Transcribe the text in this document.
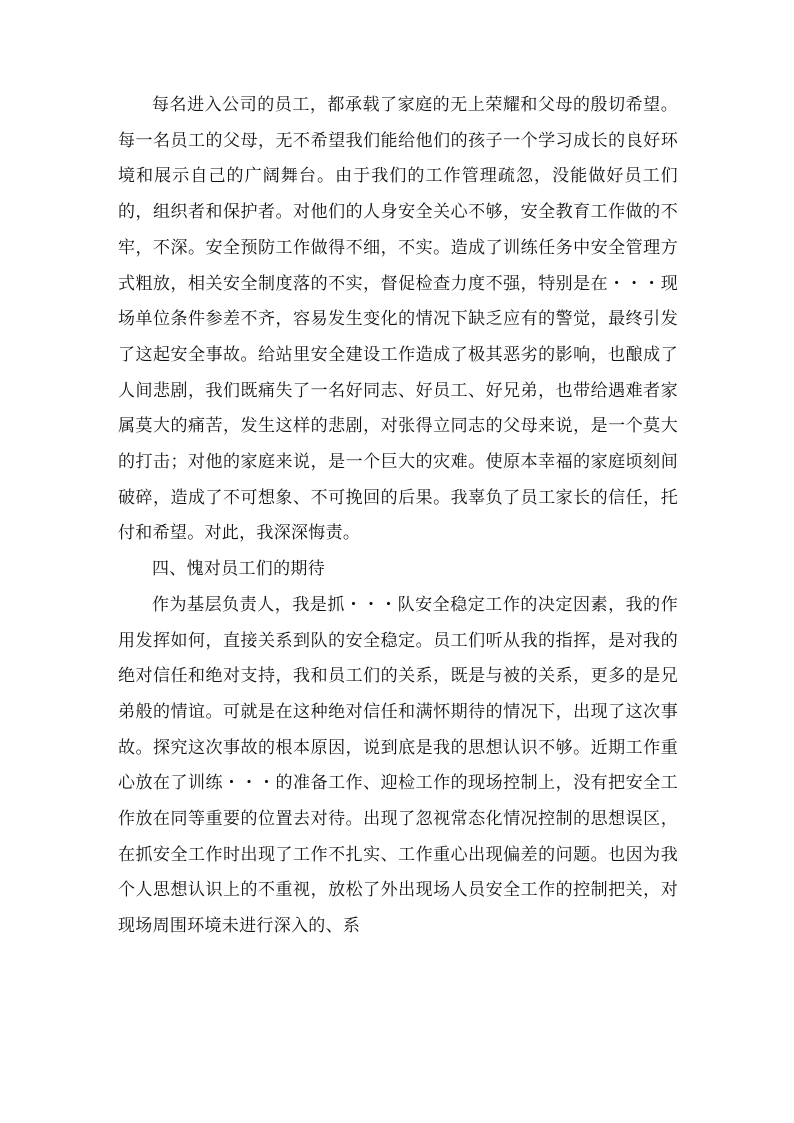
每名进入公司的员工，都承载了家庭的无上荣耀和父母的殷切希望。每一名员工的父母，无不希望我们能给他们的孩子一个学习成长的良好环境和展示自己的广阔舞台。由于我们的工作管理疏忽，没能做好员工们的，组织者和保护者。对他们的人身安全关心不够，安全教育工作做的不牢，不深。安全预防工作做得不细，不实。造成了训练任务中安全管理方式粗放，相关安全制度落的不实，督促检查力度不强，特别是在・・・现场单位条件参差不齐，容易发生变化的情况下缺乏应有的警觉，最终引发了这起安全事故。给站里安全建设工作造成了极其恶劣的影响，也酿成了人间悲剧，我们既痛失了一名好同志、好员工、好兄弟，也带给遇难者家属莫大的痛苦，发生这样的悲剧，对张得立同志的父母来说，是一个莫大的打击；对他的家庭来说，是一个巨大的灾难。使原本幸福的家庭顷刻间破碎，造成了不可想象、不可挽回的后果。我辜负了员工家长的信任，托付和希望。对此，我深深悔责。

四、愧对员工们的期待

作为基层负责人，我是抓・・・队安全稳定工作的决定因素，我的作用发挥如何，直接关系到队的安全稳定。员工们听从我的指挥，是对我的绝对信任和绝对支持，我和员工们的关系，既是与被的关系，更多的是兄弟般的情谊。可就是在这种绝对信任和满怀期待的情况下，出现了这次事故。探究这次事故的根本原因，说到底是我的思想认识不够。近期工作重心放在了训练・・・的准备工作、迎检工作的现场控制上，没有把安全工作放在同等重要的位置去对待。出现了忽视常态化情况控制的思想误区，在抓安全工作时出现了工作不扎实、工作重心出现偏差的问题。也因为我个人思想认识上的不重视，放松了外出现场人员安全工作的控制把关，对现场周围环境未进行深入的、系
